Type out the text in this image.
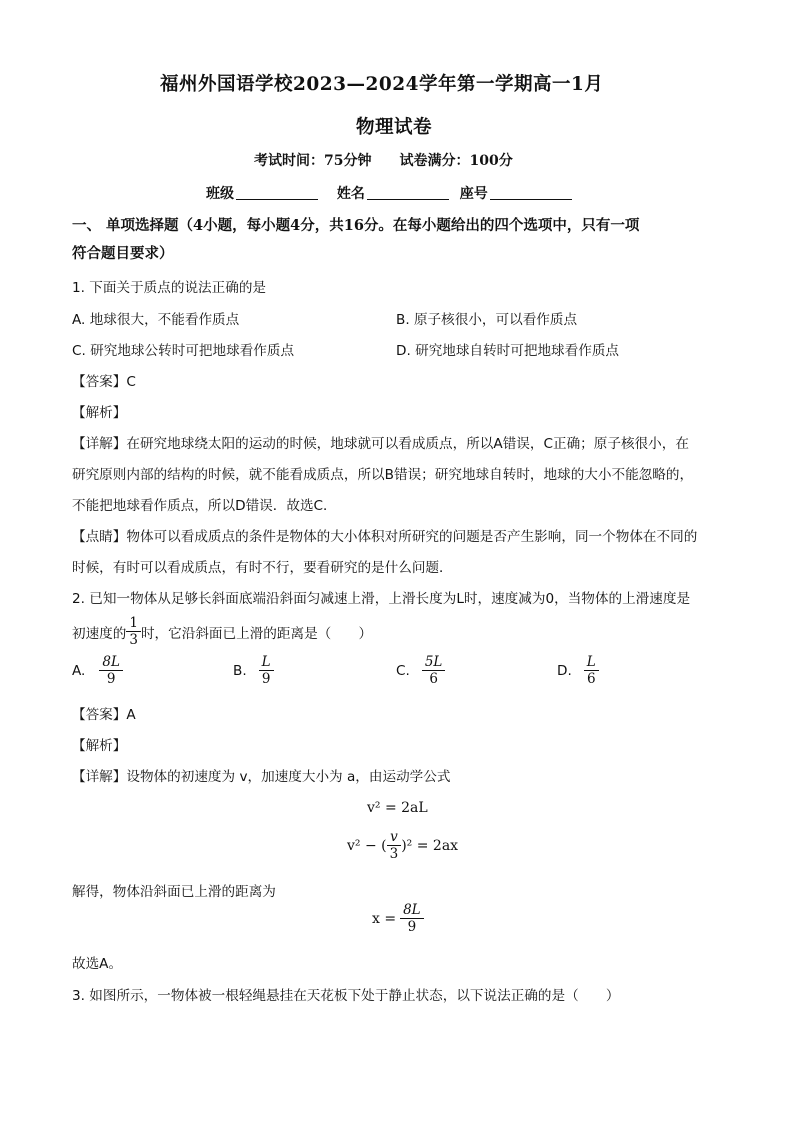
福州外国语学校2023—2024学年第一学期高一1月
物理试卷
考试时间：75分钟　　试卷满分：100分
班级	姓名	座号
一、 单项选择题（4小题，每小题4分，共16分。在每小题给出的四个选项中，只有一项
符合题目要求）
1. 下面关于质点的说法正确的是
A. 地球很大，不能看作质点	B. 原子核很小，可以看作质点
C. 研究地球公转时可把地球看作质点	D. 研究地球自转时可把地球看作质点
【答案】C
【解析】
【详解】在研究地球绕太阳的运动的时候，地球就可以看成质点，所以A错误，C正确；原子核很小，在
研究原则内部的结构的时候，就不能看成质点，所以B错误；研究地球自转时，地球的大小不能忽略的，
不能把地球看作质点，所以D错误．故选C．
【点睛】物体可以看成质点的条件是物体的大小体积对所研究的问题是否产生影响，同一个物体在不同的
时候，有时可以看成质点，有时不行，要看研究的是什么问题．
2. 已知一物体从足够长斜面底端沿斜面匀减速上滑，上滑长度为L时，速度减为0，当物体的上滑速度是
初速度的 $\frac{1}{3}$ 时，它沿斜面已上滑的距离是（　　）
A. $\frac{8L}{9}$	B. $\frac{L}{9}$	C. $\frac{5L}{6}$	D. $\frac{L}{6}$
【答案】A
【解析】
【详解】设物体的初速度为 v，加速度大小为 a，由运动学公式
v² = 2aL
v² − ( $\frac{v}{3} )^2 = 2ax$
解得，物体沿斜面已上滑的距离为
$x = \frac{8L}{9}$
故选A。
3. 如图所示，一物体被一根轻绳悬挂在天花板下处于静止状态，以下说法正确的是（　　）
